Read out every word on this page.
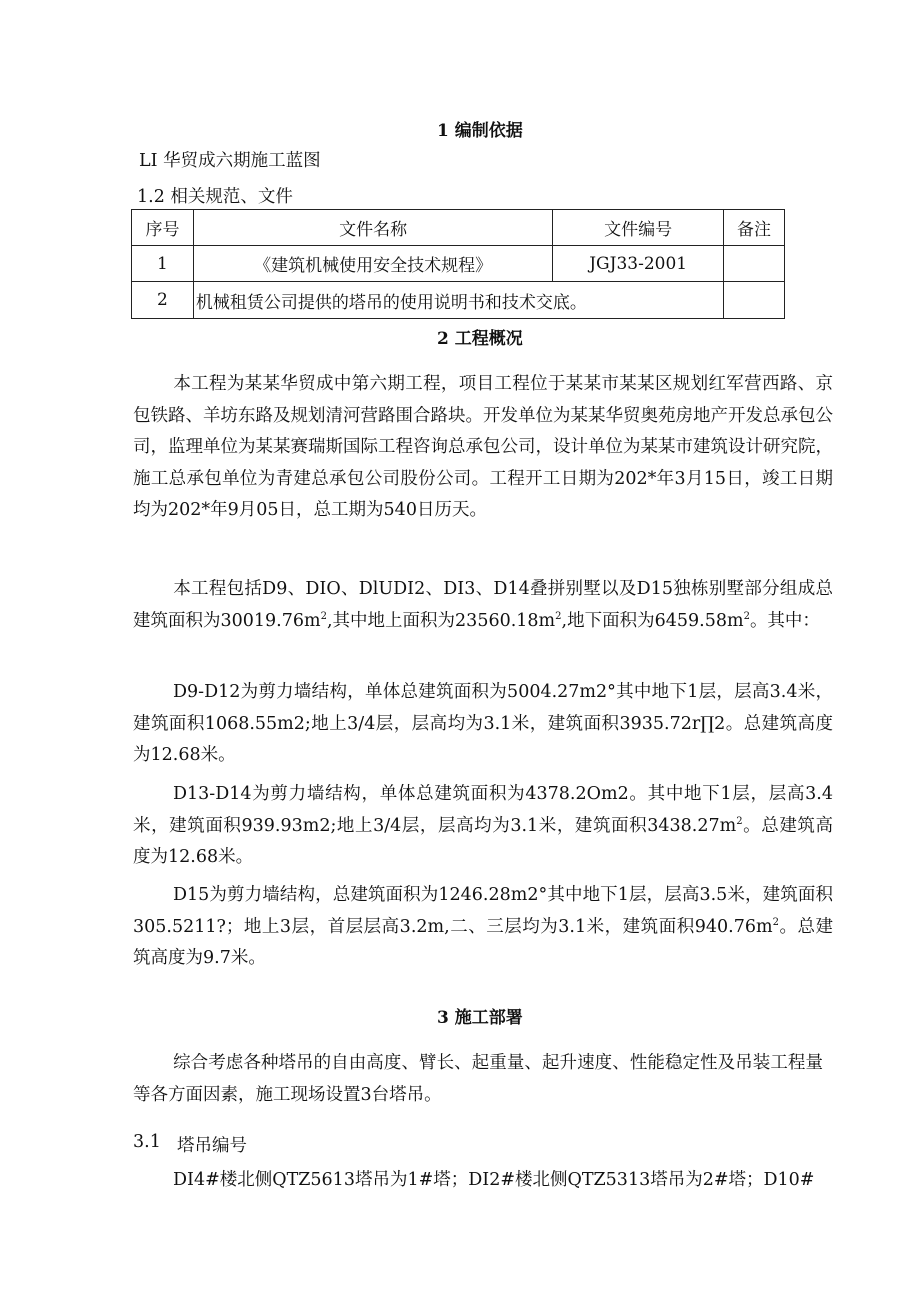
1 编制依据
LI 华贸成六期施工蓝图
1.2 相关规范、文件
序号	文件名称	文件编号	备注
1	《建筑机械使用安全技术规程》	JGJ33-2001	
2	机械租赁公司提供的塔吊的使用说明书和技术交底。		
2 工程概况
本工程为某某华贸成中第六期工程，项目工程位于某某市某某区规划红军营西路、京包铁路、羊坊东路及规划清河营路围合路块。开发单位为某某华贸奥苑房地产开发总承包公司，监理单位为某某赛瑞斯国际工程咨询总承包公司，设计单位为某某市建筑设计研究院，施工总承包单位为青建总承包公司股份公司。工程开工日期为202*年3月15日，竣工日期均为202*年9月05日，总工期为540日历天。
本工程包括D9、DIO、DlUDI2、DI3、D14叠拼别墅以及D15独栋别墅部分组成总建筑面积为$30019.76m^2$,其中地上面积为$23560.18m^2$,地下面积为$6459.58m^2$。其中：
D9-D12为剪力墙结构，单体总建筑面积为5004.27m2°其中地下1层，层高3.4米，建筑面积1068.55m2;地上3/4层，层高均为3.1米，建筑面积3935.72r∏2。总建筑高度为12.68米。
D13-D14为剪力墙结构，单体总建筑面积为4378.2Om2。其中地下1层，层高3.4米，建筑面积939.93m2;地上3/4层，层高均为3.1米，建筑面积$3438.27m^2$。总建筑高度为12.68米。
D15为剪力墙结构，总建筑面积为1246.28m2°其中地下1层，层高3.5米，建筑面积305.5211?；地上3层，首层层高3.2m,二、三层均为3.1米，建筑面积$940.76m^2$。总建筑高度为9.7米。
3 施工部署
综合考虑各种塔吊的自由高度、臂长、起重量、起升速度、性能稳定性及吊装工程量等各方面因素，施工现场设置3台塔吊。
3.1 塔吊编号
DI4#楼北侧QTZ5613塔吊为1#塔；DI2#楼北侧QTZ5313塔吊为2#塔；D10#
